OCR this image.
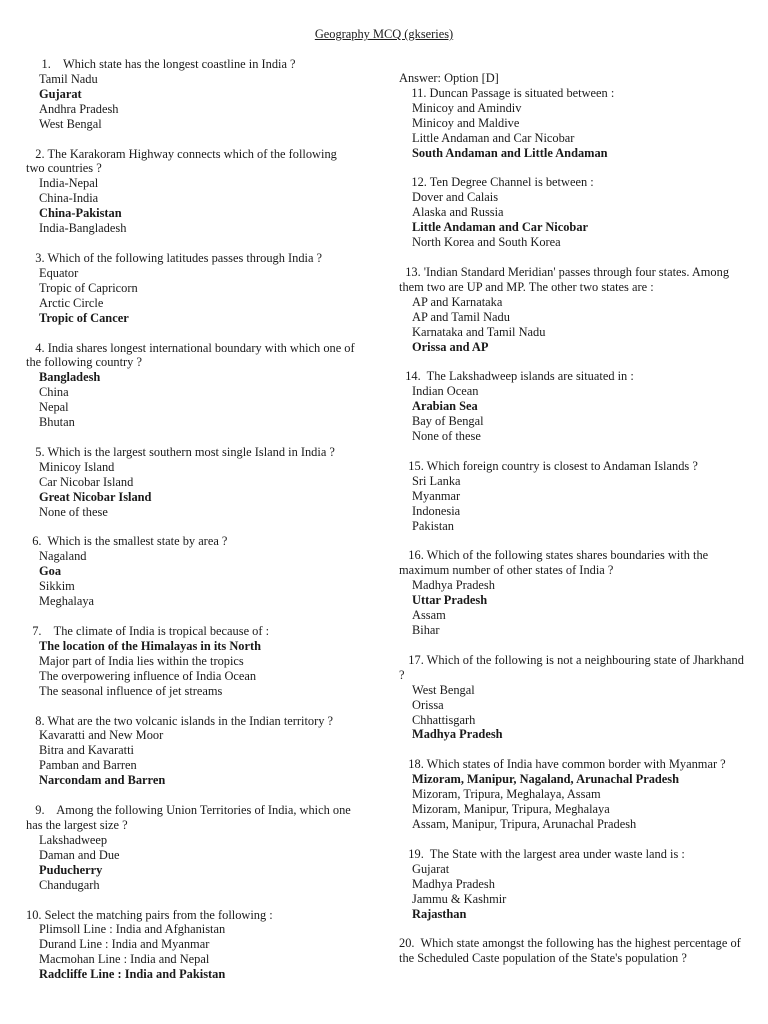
Geography MCQ (gkseries)
1.    Which state has the longest coastline in India ?
Tamil Nadu
Gujarat
Andhra Pradesh
West Bengal
2. The Karakoram Highway connects which of the following two countries ?
India-Nepal
China-India
China-Pakistan
India-Bangladesh
3. Which of the following latitudes passes through India ?
Equator
Tropic of Capricorn
Arctic Circle
Tropic of Cancer
4. India shares longest international boundary with which one of the following country ?
Bangladesh
China
Nepal
Bhutan
5. Which is the largest southern most single Island in India ?
Minicoy Island
Car Nicobar Island
Great Nicobar Island
None of these
6.  Which is the smallest state by area ?
Nagaland
Goa
Sikkim
Meghalaya
7.    The climate of India is tropical because of :
The location of the Himalayas in its North
Major part of India lies within the tropics
The overpowering influence of India Ocean
The seasonal influence of jet streams
8. What are the two volcanic islands in the Indian territory ?
Kavaratti and New Moor
Bitra and Kavaratti
Pamban and Barren
Narcondam and Barren
9.    Among the following Union Territories of India, which one has the largest size ?
Lakshadweep
Daman and Due
Puducherry
Chandugarh
10. Select the matching pairs from the following :
Plimsoll Line : India and Afghanistan
Durand Line : India and Myanmar
Macmohan Line : India and Nepal
Radcliffe Line : India and Pakistan
Answer: Option [D]
11. Duncan Passage is situated between :
Minicoy and Amindiv
Minicoy and Maldive
Little Andaman and Car Nicobar
South Andaman and Little Andaman
12. Ten Degree Channel is between :
Dover and Calais
Alaska and Russia
Little Andaman and Car Nicobar
North Korea and South Korea
13. 'Indian Standard Meridian' passes through four states. Among them two are UP and MP. The other two states are :
AP and Karnataka
AP and Tamil Nadu
Karnataka and Tamil Nadu
Orissa and AP
14.  The Lakshadweep islands are situated in :
Indian Ocean
Arabian Sea
Bay of Bengal
None of these
15. Which foreign country is closest to Andaman Islands ?
Sri Lanka
Myanmar
Indonesia
Pakistan
16. Which of the following states shares boundaries with the maximum number of other states of India ?
Madhya Pradesh
Uttar Pradesh
Assam
Bihar
17. Which of the following is not a neighbouring state of Jharkhand ?
West Bengal
Orissa
Chhattisgarh
Madhya Pradesh
18. Which states of India have common border with Myanmar ?
Mizoram, Manipur, Nagaland, Arunachal Pradesh
Mizoram, Tripura, Meghalaya, Assam
Mizoram, Manipur, Tripura, Meghalaya
Assam, Manipur, Tripura, Arunachal Pradesh
19.  The State with the largest area under waste land is :
Gujarat
Madhya Pradesh
Jammu & Kashmir
Rajasthan
20.  Which state amongst the following has the highest percentage of the Scheduled Caste population of the State's population ?
